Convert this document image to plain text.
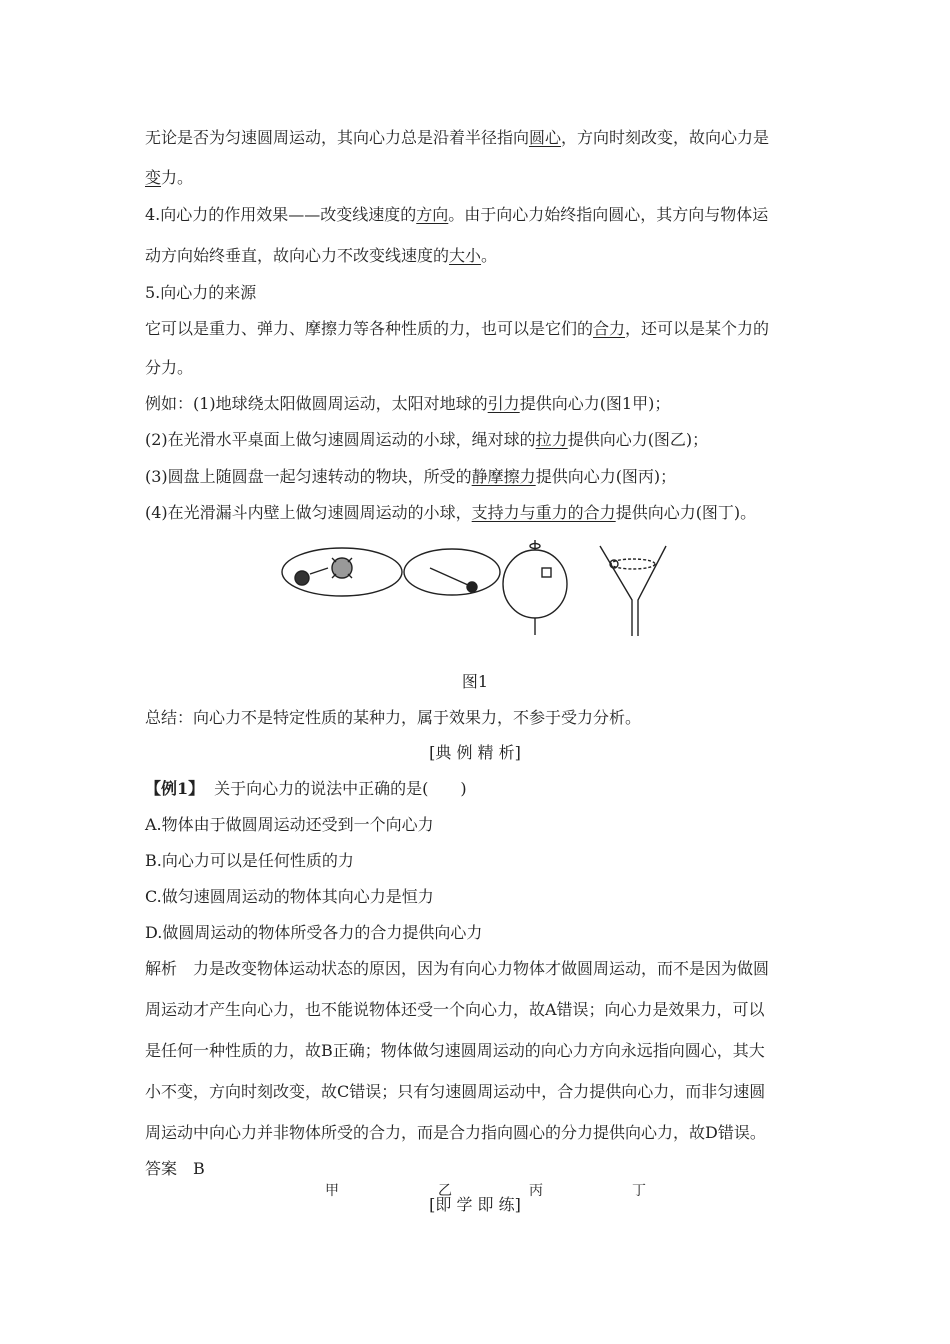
无论是否为匀速圆周运动，其向心力总是沿着半径指向圆心，方向时刻改变，故向心力是
变力。
4.向心力的作用效果——改变线速度的方向。由于向心力始终指向圆心，其方向与物体运
动方向始终垂直，故向心力不改变线速度的大小。
5.向心力的来源
它可以是重力、弹力、摩擦力等各种性质的力，也可以是它们的合力，还可以是某个力的
分力。
例如：(1)地球绕太阳做圆周运动，太阳对地球的引力提供向心力(图1甲)；
(2)在光滑水平桌面上做匀速圆周运动的小球，绳对球的拉力提供向心力(图乙)；
(3)圆盘上随圆盘一起匀速转动的物块，所受的静摩擦力提供向心力(图丙)；
(4)在光滑漏斗内壁上做匀速圆周运动的小球，支持力与重力的合力提供向心力(图丁)。
甲	乙	丙	丁
图1
总结：向心力不是特定性质的某种力，属于效果力，不参于受力分析。
[典 例 精 析]
【例1】 关于向心力的说法中正确的是(　　)
A.物体由于做圆周运动还受到一个向心力
B.向心力可以是任何性质的力
C.做匀速圆周运动的物体其向心力是恒力
D.做圆周运动的物体所受各力的合力提供向心力
解析 力是改变物体运动状态的原因，因为有向心力物体才做圆周运动，而不是因为做圆
周运动才产生向心力，也不能说物体还受一个向心力，故A错误；向心力是效果力，可以
是任何一种性质的力，故B正确；物体做匀速圆周运动的向心力方向永远指向圆心，其大
小不变，方向时刻改变，故C错误；只有匀速圆周运动中，合力提供向心力，而非匀速圆
周运动中向心力并非物体所受的合力，而是合力指向圆心的分力提供向心力，故D错误。
答案 B
[即 学 即 练]
